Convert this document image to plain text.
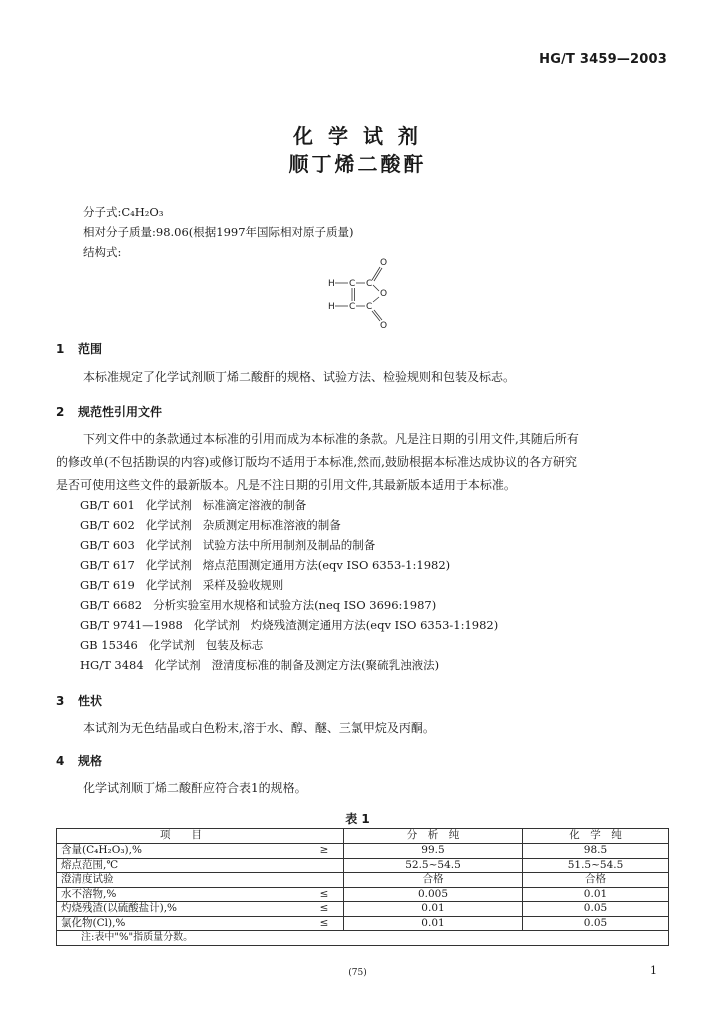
HG/T 3459—2003
化 学 试 剂
顺丁烯二酸酐
分子式:C₄H₂O₃
相对分子质量:98.06(根据1997年国际相对原子质量)
结构式:
O
H C C
O
H C C
O
1 范围
本标准规定了化学试剂顺丁烯二酸酐的规格、试验方法、检验规则和包装及标志。
2 规范性引用文件
下列文件中的条款通过本标准的引用而成为本标准的条款。凡是注日期的引用文件,其随后所有
的修改单(不包括勘误的内容)或修订版均不适用于本标准,然而,鼓励根据本标准达成协议的各方研究
是否可使用这些文件的最新版本。凡是不注日期的引用文件,其最新版本适用于本标准。
GB/T 601   化学试剂   标准滴定溶液的制备
GB/T 602   化学试剂   杂质测定用标准溶液的制备
GB/T 603   化学试剂   试验方法中所用制剂及制品的制备
GB/T 617   化学试剂   熔点范围测定通用方法(eqv ISO 6353-1:1982)
GB/T 619   化学试剂   采样及验收规则
GB/T 6682   分析实验室用水规格和试验方法(neq ISO 3696:1987)
GB/T 9741—1988   化学试剂   灼烧残渣测定通用方法(eqv ISO 6353-1:1982)
GB 15346   化学试剂   包装及标志
HG/T 3484   化学试剂   澄清度标准的制备及测定方法(聚硫乳浊液法)
3 性状
本试剂为无色结晶或白色粉末,溶于水、醇、醚、三氯甲烷及丙酮。
4 规格
化学试剂顺丁烯二酸酐应符合表1的规格。
表 1
项　　目		分　析　纯	化　学　纯
含量(C₄H₂O₃),%	≥	99.5	98.5
熔点范围,℃		52.5~54.5	51.5~54.5
澄清度试验		合格	合格
水不溶物,%	≤	0.005	0.01
灼烧残渣(以硫酸盐计),%	≤	0.01	0.05
氯化物(Cl),%	≤	0.01	0.05
注:表中"%"指质量分数。			
(75)	1
